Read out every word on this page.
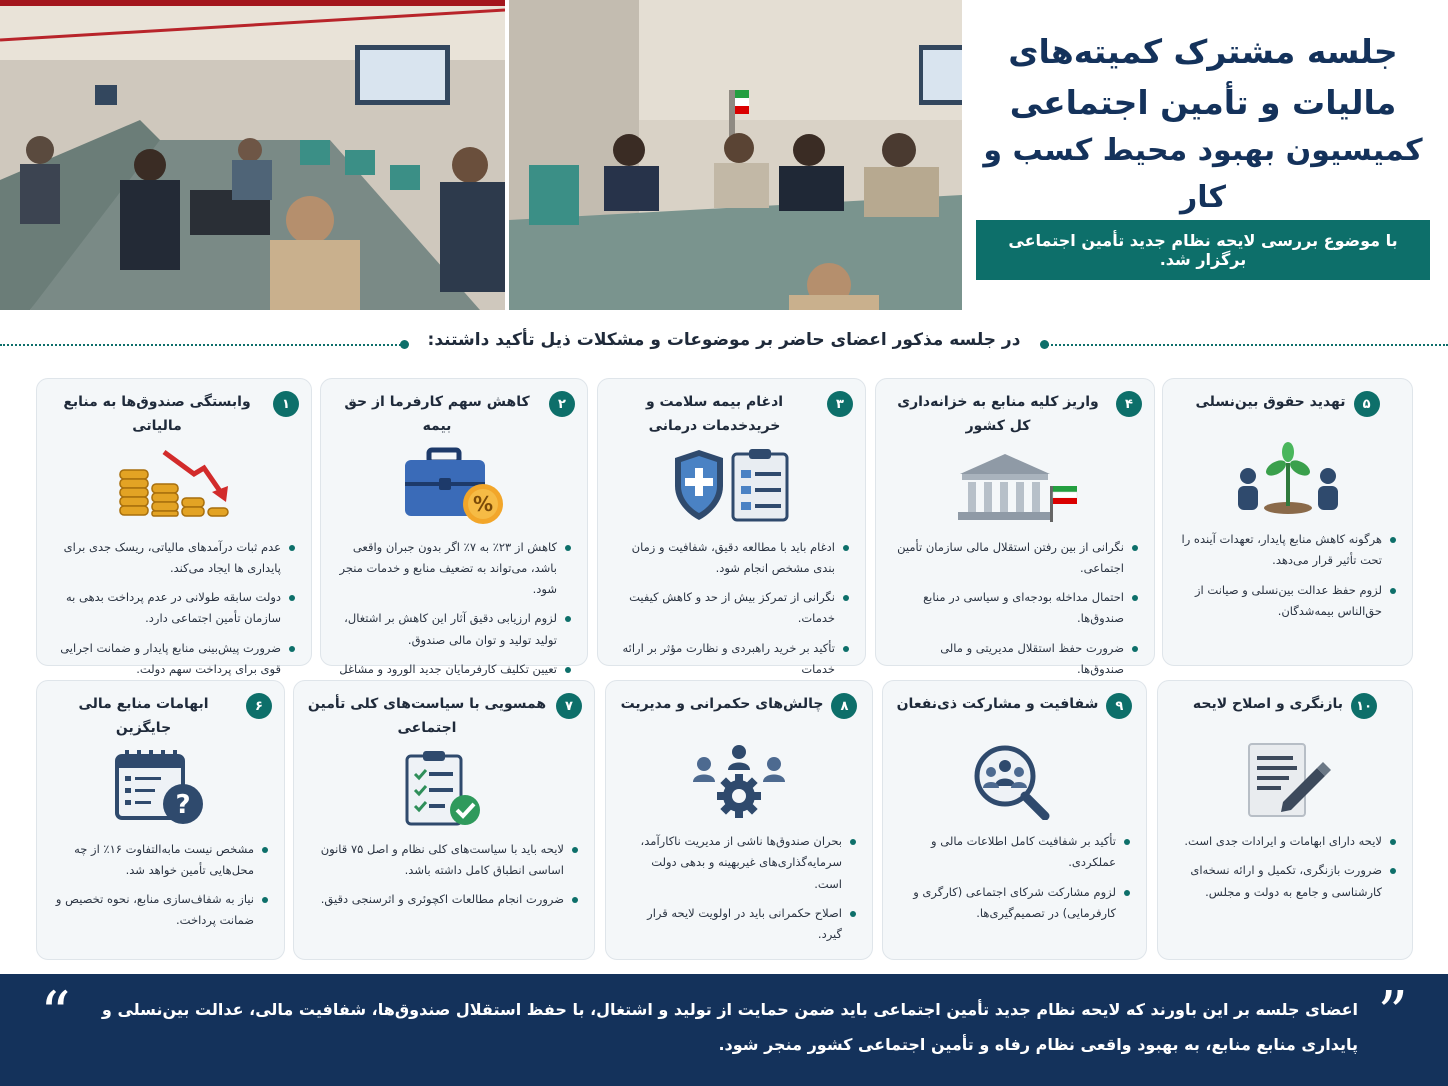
جلسه مشترک کمیته‌های
مالیات و تأمین اجتماعی
کمیسیون بهبود محیط کسب و کار
با موضوع بررسی لایحه نظام جدید تأمین اجتماعی برگزار شد.
در جلسه مذکور اعضای حاضر بر موضوعات و مشکلات ذیل تأکید داشتند:
۵
تهدید حقوق بین‌نسلی
هرگونه کاهش منابع پایدار، تعهدات آینده را تحت تأثیر قرار می‌دهد.
لزوم حفظ عدالت بین‌نسلی و صیانت از حق‌الناس بیمه‌شدگان.
۴
واریز کلیه منابع به خزانه‌داری کل کشور
نگرانی از بین رفتن استقلال مالی سازمان تأمین اجتماعی.
احتمال مداخله بودجه‌ای و سیاسی در منابع صندوق‌ها.
ضرورت حفظ استقلال مدیریتی و مالی صندوق‌ها.
۳
ادغام بیمه سلامت و خریدخدمات درمانی
ادغام باید با مطالعه دقیق، شفافیت و زمان بندی مشخص انجام شود.
نگرانی از تمرکز بیش از حد و کاهش کیفیت خدمات.
تأکید بر خرید راهبردی و نظارت مؤثر بر ارائه خدمات
۲
کاهش سهم کارفرما از حق بیمه
%
کاهش از ۲۳٪ به ۷٪ اگر بدون جبران واقعی باشد، می‌تواند به تضعیف منابع و خدمات منجر شود.
لزوم ارزیابی دقیق آثار این کاهش بر اشتغال، تولید تولید و توان مالی صندوق.
تعیین تکلیف کارفرمایان جدید الورود و مشاغل
۱
وابستگی صندوق‌ها به منابع مالیاتی
عدم ثبات درآمدهای مالیاتی، ریسک جدی برای پایداری ها ایجاد می‌کند.
دولت سابقه طولانی در عدم پرداخت بدهی به سازمان تأمین اجتماعی دارد.
ضرورت پیش‌بینی منابع پایدار و ضمانت اجرایی قوی برای پرداخت سهم دولت.
۱۰
بازنگری و اصلاح لایحه
لایحه دارای ابهامات و ایرادات جدی است.
ضرورت بازنگری، تکمیل و ارائه نسخه‌ای کارشناسی و جامع به دولت و مجلس.
۹
شفافیت و مشارکت ذی‌نفعان
تأکید بر شفافیت کامل اطلاعات مالی و عملکردی.
لزوم مشارکت شرکای اجتماعی (کارگری و کارفرمایی) در تصمیم‌گیری‌ها.
۸
چالش‌های حکمرانی و مدیریت
بحران صندوق‌ها ناشی از مدیریت ناکارآمد، سرمایه‌گذاری‌های غیربهینه و بدهی دولت است.
اصلاح حکمرانی باید در اولویت لایحه قرار گیرد.
۷
همسویی با سیاست‌های کلی تأمین اجتماعی
لایحه باید با سیاست‌های کلی نظام و اصل ۷۵ قانون اساسی انطباق کامل داشته باشد.
ضرورت انجام مطالعات اکچوئری و اثرسنجی دقیق.
۶
ابهامات منابع مالی جایگزین
?
مشخص نیست مابه‌التفاوت ۱۶٪ از چه محل‌هایی تأمین خواهد شد.
نیاز به شفاف‌سازی منابع، نحوه تخصیص و ضمانت پرداخت.
”
اعضای جلسه بر این باورند که لایحه نظام جدید تأمین اجتماعی باید ضمن حمایت از تولید و اشتغال، با حفظ استقلال صندوق‌ها، شفافیت مالی، عدالت بین‌نسلی و پایداری منابع منابع، به بهبود واقعی نظام رفاه و تأمین اجتماعی کشور منجر شود.
“
